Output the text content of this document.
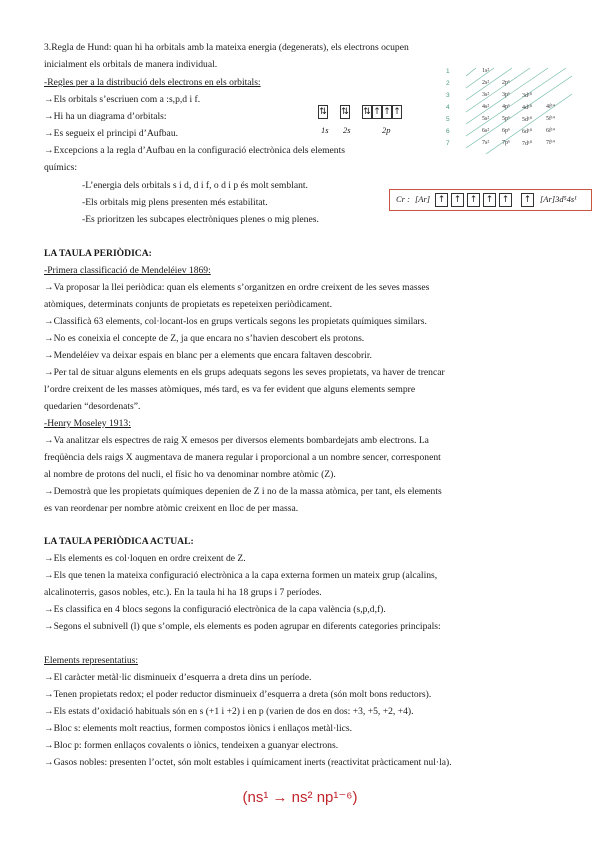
3.Regla de Hund: quan hi ha orbitals amb la mateixa energia (degenerats), els electrons ocupen
inicialment els orbitals de manera individual.
-Regles per a la distribució dels electrons en els orbitals:
→Els orbitals s’escriuen com a :s,p,d i f.
→Hi ha un diagrama d’orbitals:
→Es segueix el principi d’Aufbau.
→Excepcions a la regla d’Aufbau en la configuració electrònica dels elements
químics:
-L’energia dels orbitals s i d, d i f, o d i p és molt semblant.
-Els orbitals mig plens presenten més estabilitat.
-Es prioritzen les subcapes electròniques plenes o mig plenes.
LA TAULA PERIÒDICA:
-Primera classificació de Mendeléiev 1869:
→Va proposar la llei periòdica: quan els elements s’organitzen en ordre creixent de les seves masses
atòmiques, determinats conjunts de propietats es repeteixen periòdicament.
→Classificà 63 elements, col·locant-los en grups verticals segons les propietats químiques similars.
→No es coneixia el concepte de Z, ja que encara no s’havien descobert els protons.
→Mendeléiev va deixar espais en blanc per a elements que encara faltaven descobrir.
→Per tal de situar alguns elements en els grups adequats segons les seves propietats, va haver de trencar
l’ordre creixent de les masses atòmiques, més tard, es va fer evident que alguns elements sempre
quedarien “desordenats”.
-Henry Moseley 1913:
→Va analitzar els espectres de raig X emesos per diversos elements bombardejats amb electrons. La
freqüència dels raigs X augmentava de manera regular i proporcional a un nombre sencer, corresponent
al nombre de protons del nucli, el físic ho va denominar nombre atòmic (Z).
→Demostrà que les propietats químiques depenien de Z i no de la massa atòmica, per tant, els elements
es van reordenar per nombre atòmic creixent en lloc de per massa.
LA TAULA PERIÒDICA ACTUAL:
→Els elements es col·loquen en ordre creixent de Z.
→Els que tenen la mateixa configuració electrònica a la capa externa formen un mateix grup (alcalins,
alcalinoterris, gasos nobles, etc.). En la taula hi ha 18 grups i 7 períodes.
→Es classifica en 4 blocs segons la configuració electrònica de la capa valència (s,p,d,f).
→Segons el subnivell (l) que s’omple, els elements es poden agrupar en diferents categories principals:
Elements representatius:
→El caràcter metàl·lic disminueix d’esquerra a dreta dins un període.
→Tenen propietats redox; el poder reductor disminueix d’esquerra a dreta (són molt bons reductors).
→Els estats d’oxidació habituals són en s (+1 i +2) i en p (varien de dos en dos: +3, +5, +2, +4).
→Bloc s: elements molt reactius, formen compostos iònics i enllaços metàl·lics.
→Bloc p: formen enllaços covalents o iònics, tendeixen a guanyar electrons.
→Gasos nobles: presenten l’octet, són molt estables i químicament inerts (reactivitat pràcticament nul·la).
⇅ ⇅ ⇅ ↑ ↑ ↑
1s 2s	2p
1
2
3
4
5
6
7
1s²
2s² 2p⁶
3s² 3p⁶ 3d¹⁰
4s² 4p⁶ 4d¹⁰ 4f¹⁴
5s² 5p⁶ 5d¹⁰ 5f¹⁴
6s² 6p⁶ 6d¹⁰ 6f¹⁴
7s² 7p⁶ 7d¹⁰ 7f¹⁴
Cr : [Ar] ↑ ↑ ↑ ↑ ↑	↑	[Ar]3d⁵4s¹
(ns¹ → ns² np¹⁻⁶)
